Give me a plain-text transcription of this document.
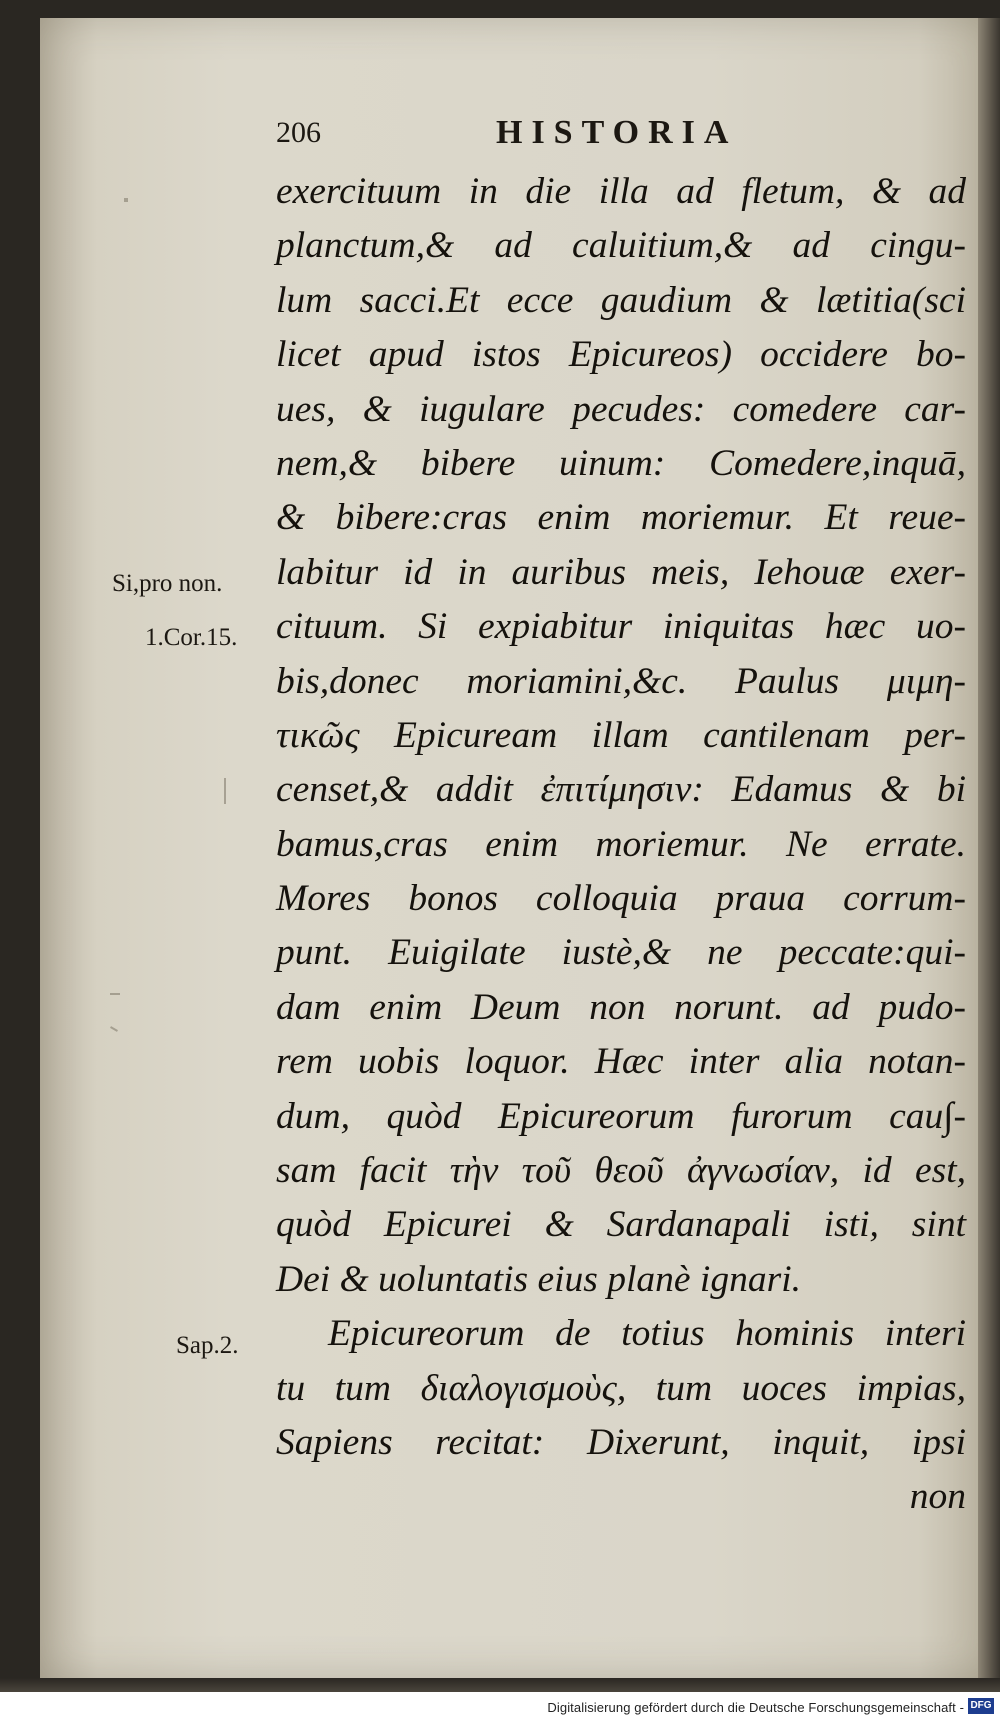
206	HISTORIA
Si,pro non.
1.Cor.15.
Sap.2.
exercituum in die illa ad fletum, & ad
planctum,& ad caluitium,& ad cingu-
lum sacci.Et ecce gaudium & lætitia(sci
licet apud istos Epicureos) occidere bo-
ues, & iugulare pecudes: comedere car-
nem,& bibere uinum: Comedere,inquā,
& bibere:cras enim moriemur. Et reue-
labitur id in auribus meis, Iehouæ exer-
cituum. Si expiabitur iniquitas hæc uo-
bis,donec moriamini,&c. Paulus μιμη-
τικῶς Epicuream illam cantilenam per-
censet,& addit ἐπιτίμησιν: Edamus & bi
bamus,cras enim moriemur. Ne errate.
Mores bonos colloquia praua corrum-
punt. Euigilate iustè,& ne peccate:qui-
dam enim Deum non norunt. ad pudo-
rem uobis loquor. Hæc inter alia notan-
dum, quòd Epicureorum furorum cau∫-
sam facit τὴν τοῦ θεοῦ ἀγνωσίαν, id est,
quòd Epicurei & Sardanapali isti, sint
Dei & uoluntatis eius planè ignari.
Epicureorum de totius hominis interi
tu tum διαλογισμοὺς, tum uoces impias,
Sapiens recitat: Dixerunt, inquit, ipsi
non
Digitalisierung gefördert durch die Deutsche Forschungsgemeinschaft - DFG
